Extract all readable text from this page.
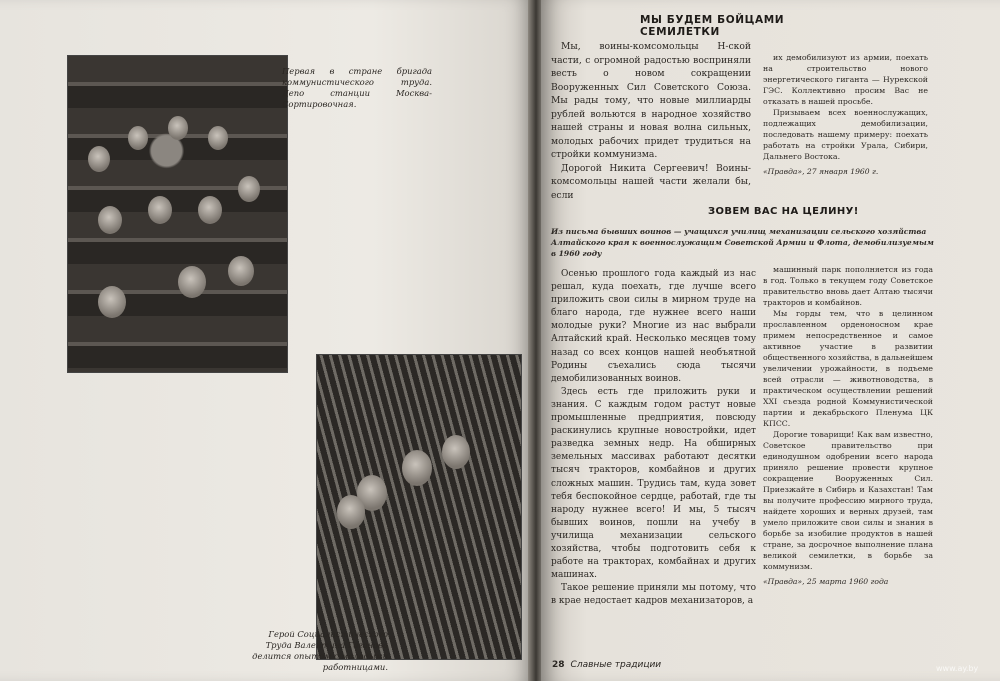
Первая в стране бригада коммунистического труда. Депо станции Москва-Сортировочная.
Герой Социалистического Труда Валентина Гаганова делится опытом с молодыми работницами.
МЫ БУДЕМ БОЙЦАМИ СЕМИЛЕТКИ

Мы, воины-комсомольцы Н-ской части, с огромной радостью восприняли весть о новом сокращении Вооруженных Сил Советского Союза. Мы рады тому, что новые миллиарды рублей вольются в народное хозяйство нашей страны и новая волна сильных, молодых рабочих придет трудиться на стройки коммунизма.

Дорогой Никита Сергеевич! Воины-комсомольцы нашей части желали бы, если

их демобилизуют из армии, поехать на строительство нового энергетического гиганта — Нурекской ГЭС. Коллективно просим Вас не отказать в нашей просьбе.

Призываем всех военнослужащих, подлежащих демобилизации, последовать нашему примеру: поехать работать на стройки Урала, Сибири, Дальнего Востока.

«Правда», 27 января 1960 г.

ЗОВЕМ ВАС НА ЦЕЛИНУ!
Из письма бывших воинов — учащихся училищ механизации сельского хозяйства Алтайского края к военнослужащим Советской Армии и Флота, демобилизуемым в 1960 году

Осенью прошлого года каждый из нас решал, куда поехать, где лучше всего приложить свои силы в мирном труде на благо народа, где нужнее всего наши молодые руки? Многие из нас выбрали Алтайский край. Несколько месяцев тому назад со всех концов нашей необъятной Родины съехались сюда тысячи демобилизованных воинов.

Здесь есть где приложить руки и знания. С каждым годом растут новые промышленные предприятия, повсюду раскинулись крупные новостройки, идет разведка земных недр. На обширных земельных массивах работают десятки тысяч тракторов, комбайнов и других сложных машин. Трудись там, куда зовет тебя беспокойное сердце, работай, где ты народу нужнее всего! И мы, 5 тысяч бывших воинов, пошли на учебу в училища механизации сельского хозяйства, чтобы подготовить себя к работе на тракторах, комбайнах и других машинах.

Такое решение приняли мы потому, что в крае недостает кадров механизаторов, а

машинный парк пополняется из года в год. Только в текущем году Советское правительство вновь дает Алтаю тысячи тракторов и комбайнов.

Мы горды тем, что в целинном прославленном орденоносном крае примем непосредственное и самое активное участие в развитии общественного хозяйства, в дальнейшем увеличении урожайности, в подъеме всей отрасли — животноводства, в практическом осуществлении решений XXI съезда родной Коммунистической партии и декабрьского Пленума ЦК КПСС.

Дорогие товарищи! Как вам известно, Советское правительство при единодушном одобрении всего народа приняло решение провести крупное сокращение Вооруженных Сил. Приезжайте в Сибирь и Казахстан! Там вы получите профессию мирного труда, найдете хороших и верных друзей, там умело приложите свои силы и знания в борьбе за изобилие продуктов в нашей стране, за досрочное выполнение плана великой семилетки, в борьбе за коммунизм.

«Правда», 25 марта 1960 года

28 Славные традиции	www.ay.by
